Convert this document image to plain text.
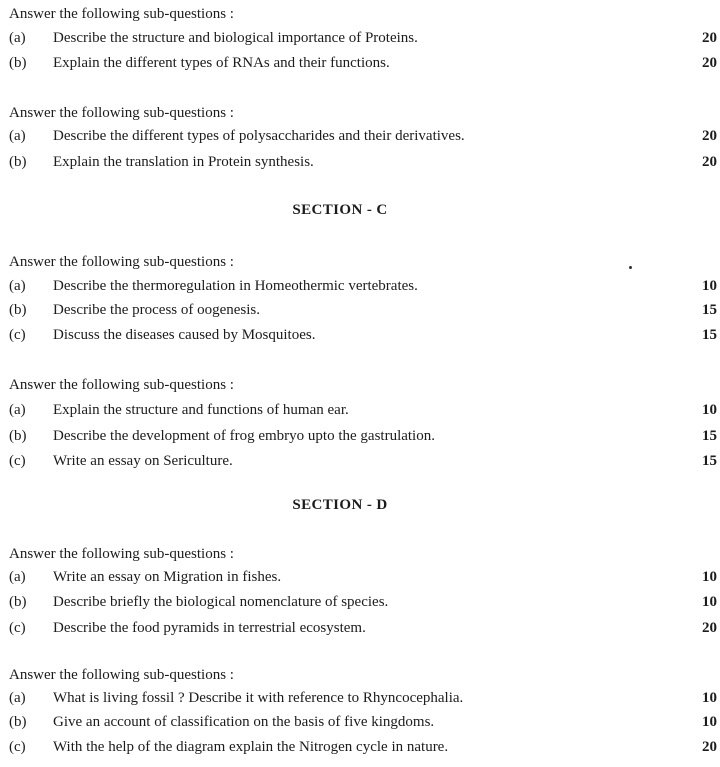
Answer the following sub-questions :
(a) Describe the structure and biological importance of Proteins.	20
(b) Explain the different types of RNAs and their functions.	20
Answer the following sub-questions :
(a) Describe the different types of polysaccharides and their derivatives.	20
(b) Explain the translation in Protein synthesis.	20
SECTION - C
Answer the following sub-questions :
(a) Describe the thermoregulation in Homeothermic vertebrates.	10
(b) Describe the process of oogenesis.	15
(c) Discuss the diseases caused by Mosquitoes.	15
Answer the following sub-questions :
(a) Explain the structure and functions of human ear.	10
(b) Describe the development of frog embryo upto the gastrulation.	15
(c) Write an essay on Sericulture.	15
SECTION - D
Answer the following sub-questions :
(a) Write an essay on Migration in fishes.	10
(b) Describe briefly the biological nomenclature of species.	10
(c) Describe the food pyramids in terrestrial ecosystem.	20
Answer the following sub-questions :
(a) What is living fossil ? Describe it with reference to Rhyncocephalia.	10
(b) Give an account of classification on the basis of five kingdoms.	10
(c) With the help of the diagram explain the Nitrogen cycle in nature.	20
